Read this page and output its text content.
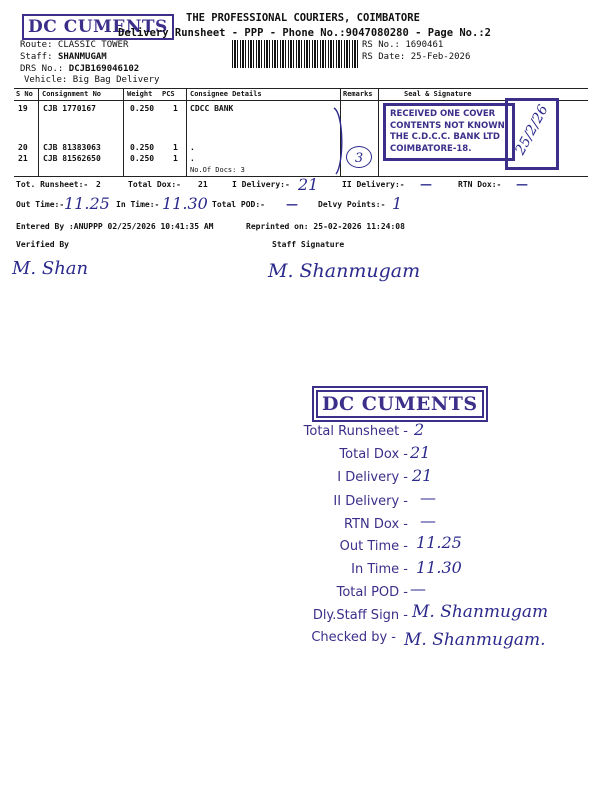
DC CUMENTS	THE PROFESSIONAL COURIERS, COIMBATORE
Delivery Runsheet - PPP - Phone No.:9047080280 - Page No.:2
Route: CLASSIC TOWER
Staff: SHANMUGAM
DRS No.: DCJB169046102
Vehicle: Big Bag Delivery
RS No.: 1690461
RS Date: 25-Feb-2026
S No Consignment No	Weight PCS Consignee Details	Remarks	Seal & Signature
19 CJB 1770167	0.250 1 CDCC BANK
20 CJB 81383063	0.250 1 .
21 CJB 81562650	0.250 1 .
No.Of Docs: 3
3
RECEIVED ONE COVER
CONTENTS NOT KNOWN
THE C.D.C.C. BANK LTD
COIMBATORE-18.	25/2/26
Tot. Runsheet:- 2	Total Dox:- 21	I Delivery:- 21	II Delivery:- —	RTN Dox:- —
Out Time:- 11.25 In Time:- 11.30 Total POD:- —	Delvy Points:- 1
Entered By :ANUPPP 02/25/2026 10:41:35 AM	Reprinted on: 25-02-2026 11:24:08
Verified By	Staff Signature
M. Shan	M. Shanmugam
DC CUMENTS
Total Runsheet - 2
Total Dox - 21
I Delivery - 21
II Delivery - —
RTN Dox - —
Out Time - 11.25
In Time - 11.30
Total POD - —
Dly.Staff Sign - M. Shanmugam
Checked by - M. Shanmugam.
